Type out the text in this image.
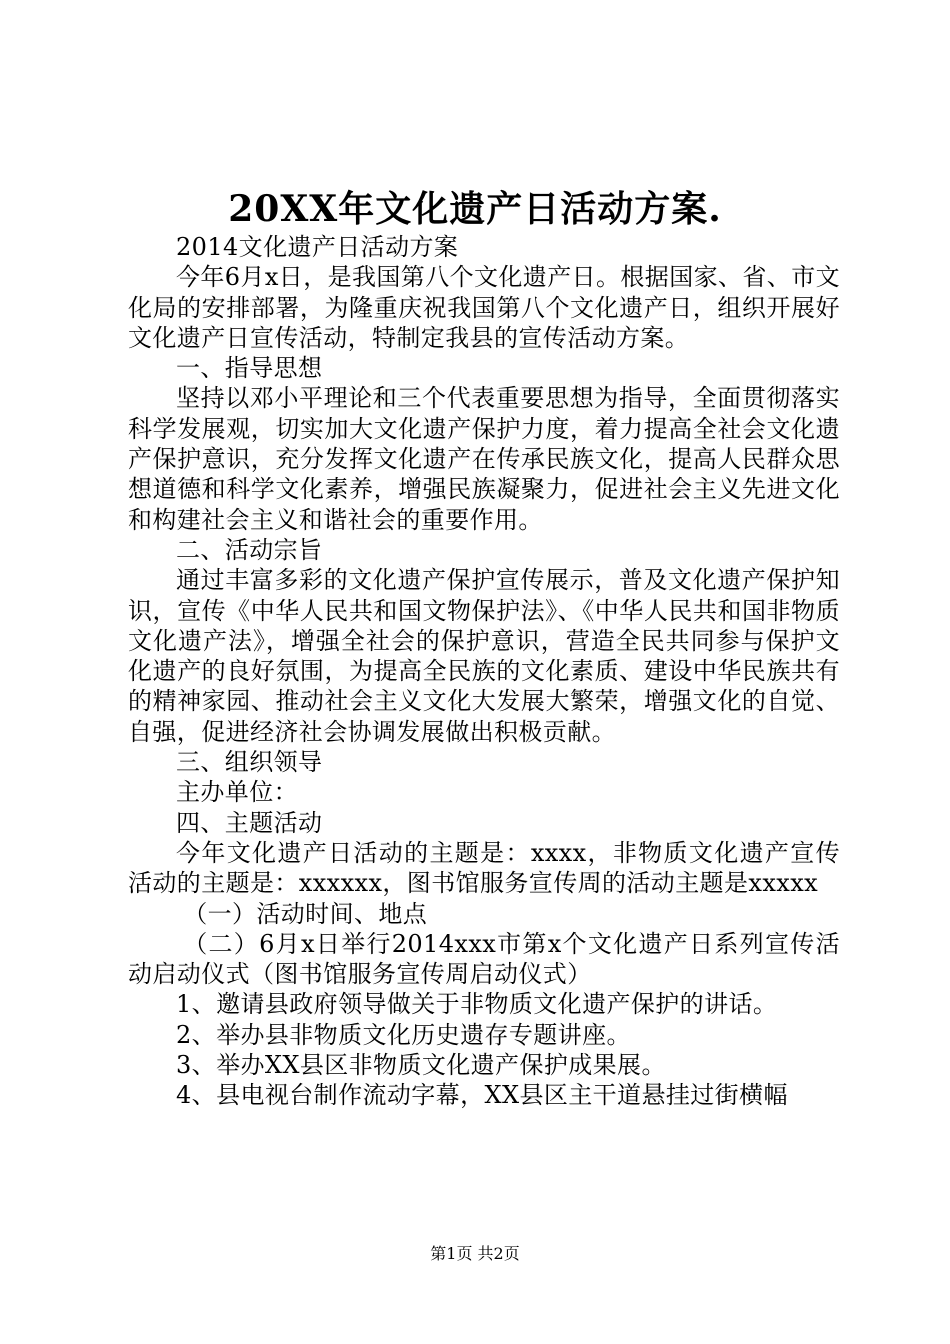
20XX年文化遗产日活动方案.

2014文化遗产日活动方案

今年6月x日，是我国第八个文化遗产日。根据国家、省、市文化局的安排部署，为隆重庆祝我国第八个文化遗产日，组织开展好文化遗产日宣传活动，特制定我县的宣传活动方案。

一、指导思想

坚持以邓小平理论和三个代表重要思想为指导，全面贯彻落实科学发展观，切实加大文化遗产保护力度，着力提高全社会文化遗产保护意识，充分发挥文化遗产在传承民族文化，提高人民群众思想道德和科学文化素养，增强民族凝聚力，促进社会主义先进文化和构建社会主义和谐社会的重要作用。

二、活动宗旨

通过丰富多彩的文化遗产保护宣传展示，普及文化遗产保护知识，宣传《中华人民共和国文物保护法》、《中华人民共和国非物质文化遗产法》，增强全社会的保护意识，营造全民共同参与保护文化遗产的良好氛围，为提高全民族的文化素质、建设中华民族共有的精神家园、推动社会主义文化大发展大繁荣，增强文化的自觉、自强，促进经济社会协调发展做出积极贡献。

三、组织领导

主办单位：

四、主题活动

今年文化遗产日活动的主题是：xxxx，非物质文化遗产宣传活动的主题是：xxxxxx，图书馆服务宣传周的活动主题是xxxxx

（一）活动时间、地点

（二）6月x日举行2014xxx市第x个文化遗产日系列宣传活动启动仪式（图书馆服务宣传周启动仪式）

1、邀请县政府领导做关于非物质文化遗产保护的讲话。

2、举办县非物质文化历史遗存专题讲座。

3、举办XX县区非物质文化遗产保护成果展。

4、县电视台制作流动字幕，XX县区主干道悬挂过街横幅

第1页 共2页
